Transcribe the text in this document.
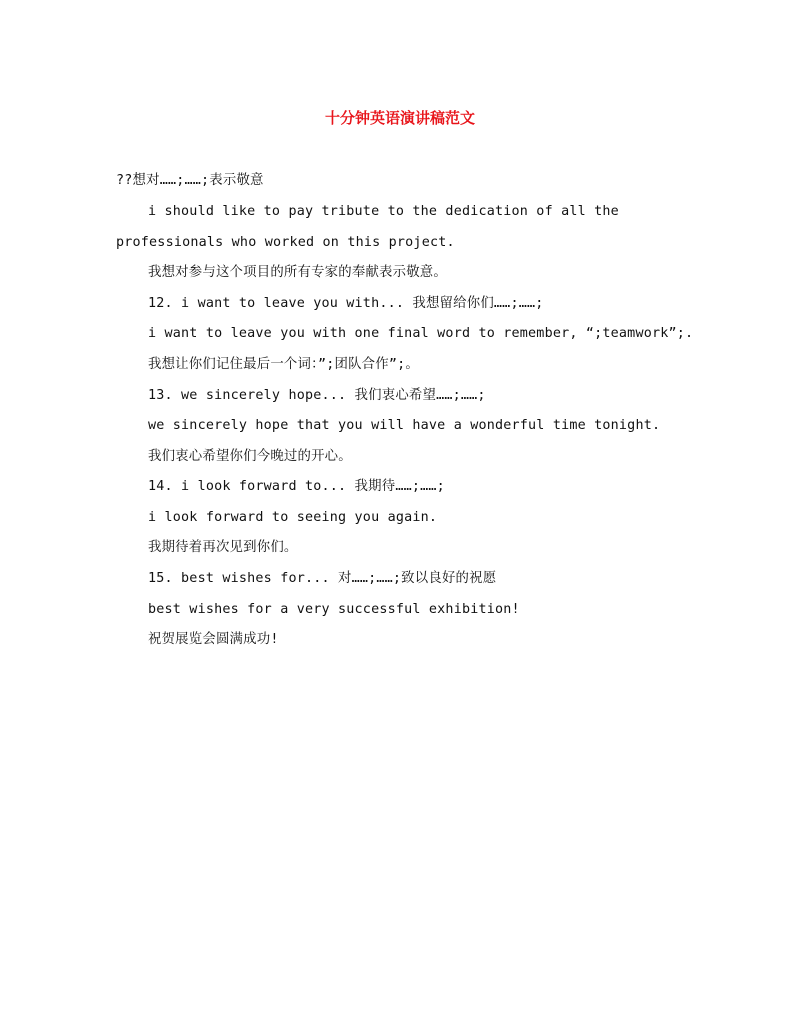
十分钟英语演讲稿范文
??想对……;……;表示敬意
i should like to pay tribute to the dedication of all the
professionals who worked on this project.
我想对参与这个项目的所有专家的奉献表示敬意。
12. i want to leave you with... 我想留给你们……;……;
i want to leave you with one final word to remember, “;teamwork”;.
我想让你们记住最后一个词：”;团队合作”;。
13. we sincerely hope... 我们衷心希望……;……;
we sincerely hope that you will have a wonderful time tonight.
我们衷心希望你们今晚过的开心。
14. i look forward to... 我期待……;……;
i look forward to seeing you again.
我期待着再次见到你们。
15. best wishes for... 对……;……;致以良好的祝愿
best wishes for a very successful exhibition!
祝贺展览会圆满成功!
